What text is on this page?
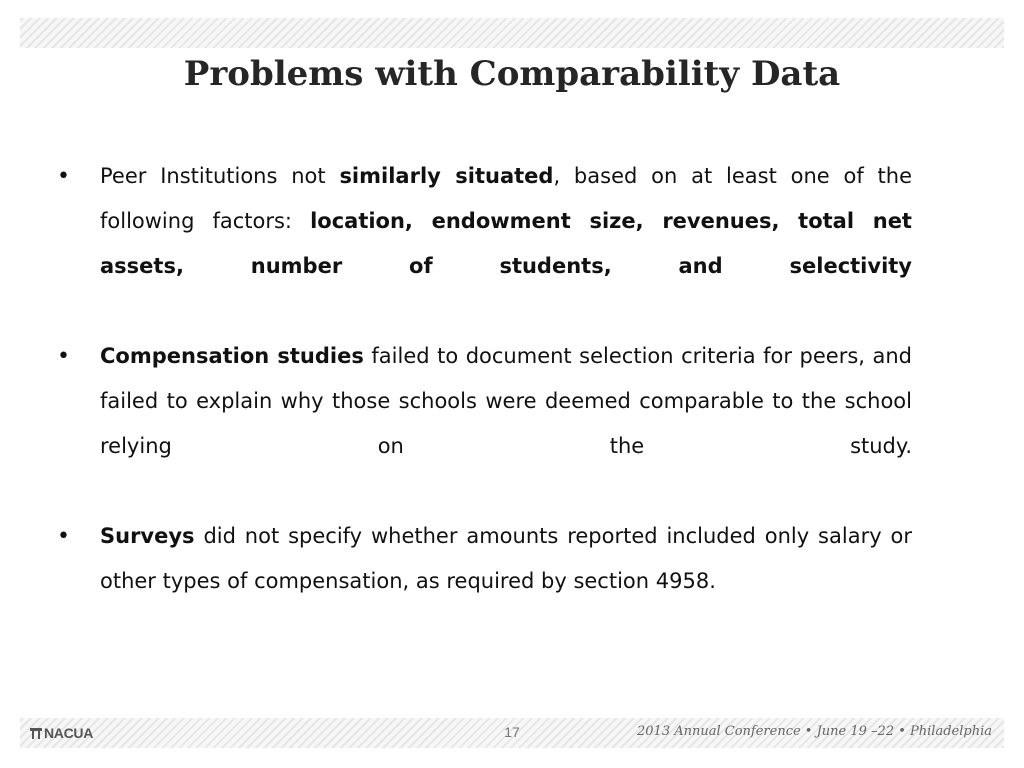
Problems with Comparability Data
• Peer Institutions not similarly situated, based on at least one of the following factors: location, endowment size, revenues, total net assets, number of students, and selectivity

• Compensation studies failed to document selection criteria for peers, and failed to explain why those schools were deemed comparable to the school relying on the study.

• Surveys did not specify whether amounts reported included only salary or other types of compensation, as required by section 4958.

NACUA	17	2013 Annual Conference • June 19 –22 • Philadelphia
